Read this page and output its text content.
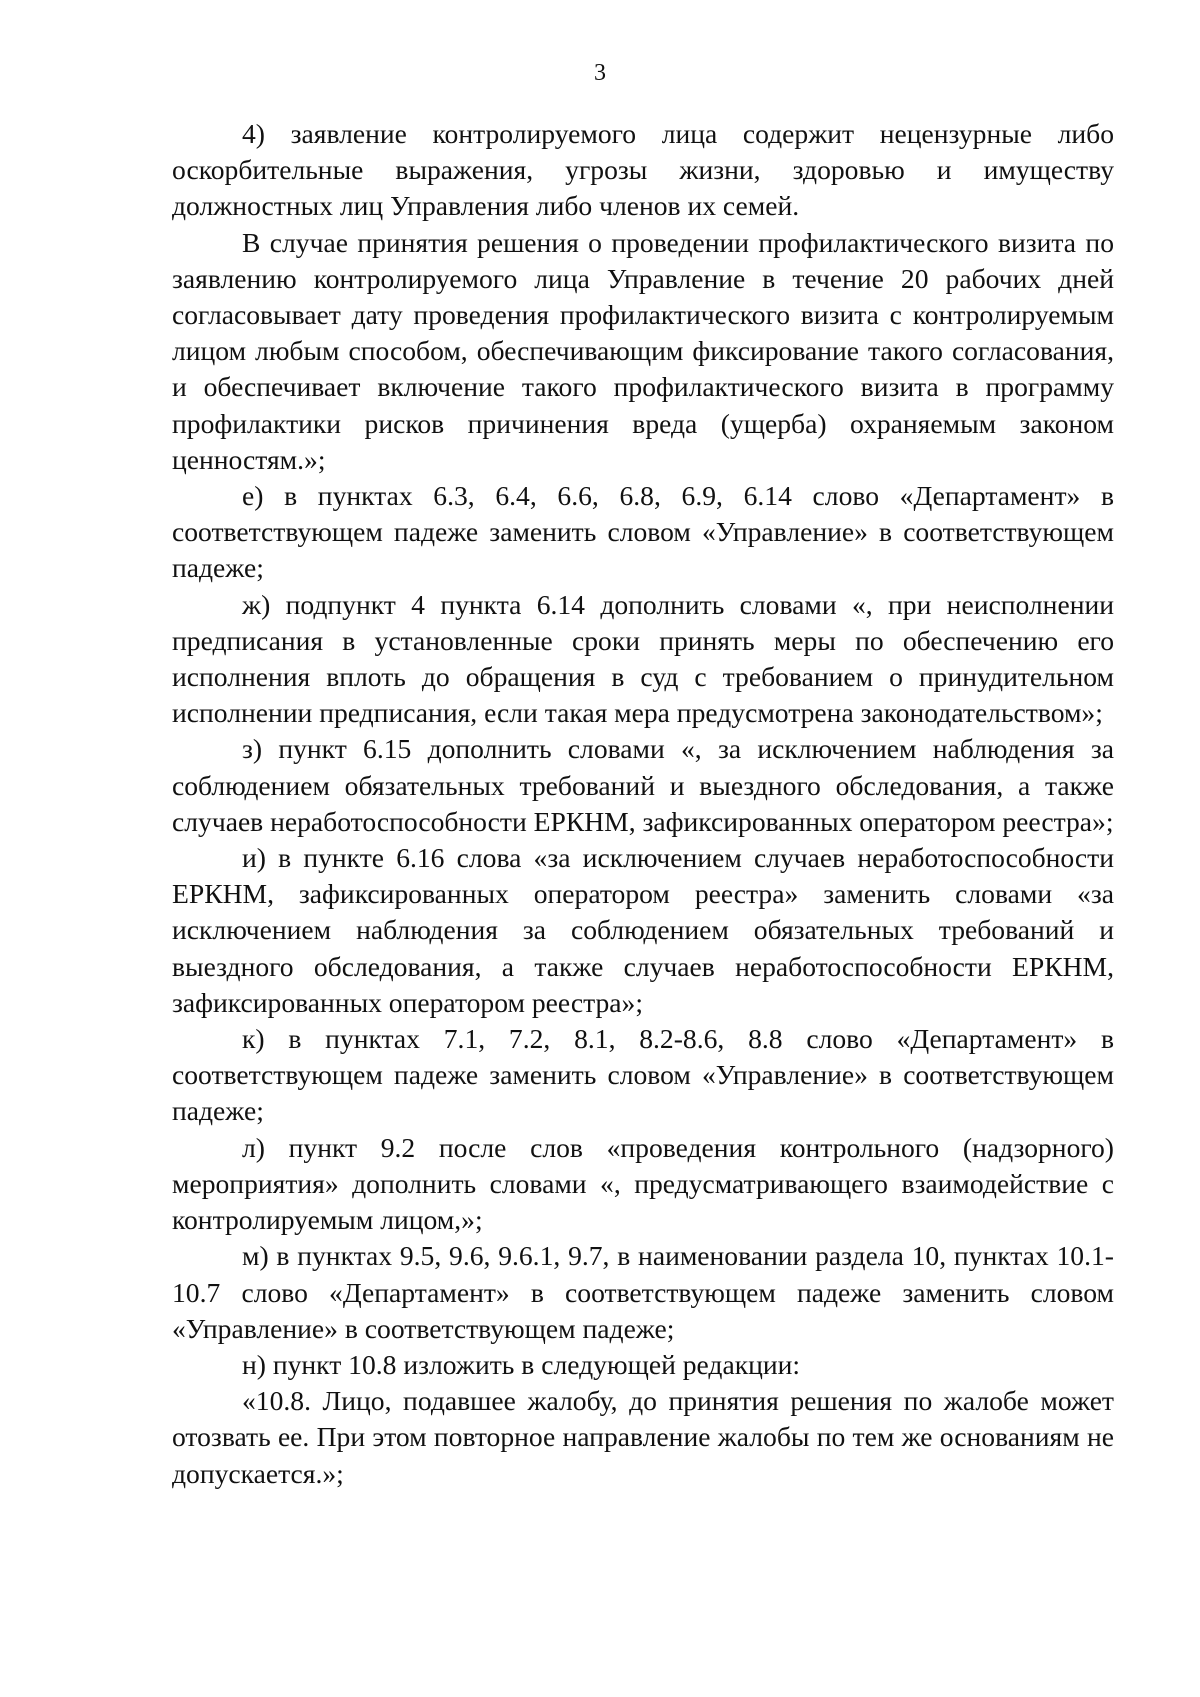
3

4) заявление контролируемого лица содержит нецензурные либо оскорбительные выражения, угрозы жизни, здоровью и имуществу должностных лиц Управления либо членов их семей.

В случае принятия решения о проведении профилактического визита по заявлению контролируемого лица Управление в течение 20 рабочих дней согласовывает дату проведения профилактического визита с контролируемым лицом любым способом, обеспечивающим фиксирование такого согласования, и обеспечивает включение такого профилактического визита в программу профилактики рисков причинения вреда (ущерба) охраняемым законом ценностям.»;

е) в пунктах 6.3, 6.4, 6.6, 6.8, 6.9, 6.14 слово «Департамент» в соответствующем падеже заменить словом «Управление» в соответствующем падеже;

ж) подпункт 4 пункта 6.14 дополнить словами «, при неисполнении предписания в установленные сроки принять меры по обеспечению его исполнения вплоть до обращения в суд с требованием о принудительном исполнении предписания, если такая мера предусмотрена законодательством»;

з) пункт 6.15 дополнить словами «, за исключением наблюдения за соблюдением обязательных требований и выездного обследования, а также случаев неработоспособности ЕРКНМ, зафиксированных оператором реестра»;

и) в пункте 6.16 слова «за исключением случаев неработоспособности ЕРКНМ, зафиксированных оператором реестра» заменить словами «за исключением наблюдения за соблюдением обязательных требований и выездного обследования, а также случаев неработоспособности ЕРКНМ, зафиксированных оператором реестра»;

к) в пунктах 7.1, 7.2, 8.1, 8.2-8.6, 8.8 слово «Департамент» в соответствующем падеже заменить словом «Управление» в соответствующем падеже;

л) пункт 9.2 после слов «проведения контрольного (надзорного) мероприятия» дополнить словами «, предусматривающего взаимодействие с контролируемым лицом,»;

м) в пунктах 9.5, 9.6, 9.6.1, 9.7, в наименовании раздела 10, пунктах 10.1-10.7 слово «Департамент» в соответствующем падеже заменить словом «Управление» в соответствующем падеже;

н) пункт 10.8 изложить в следующей редакции:

«10.8. Лицо, подавшее жалобу, до принятия решения по жалобе может отозвать ее. При этом повторное направление жалобы по тем же основаниям не допускается.»;
